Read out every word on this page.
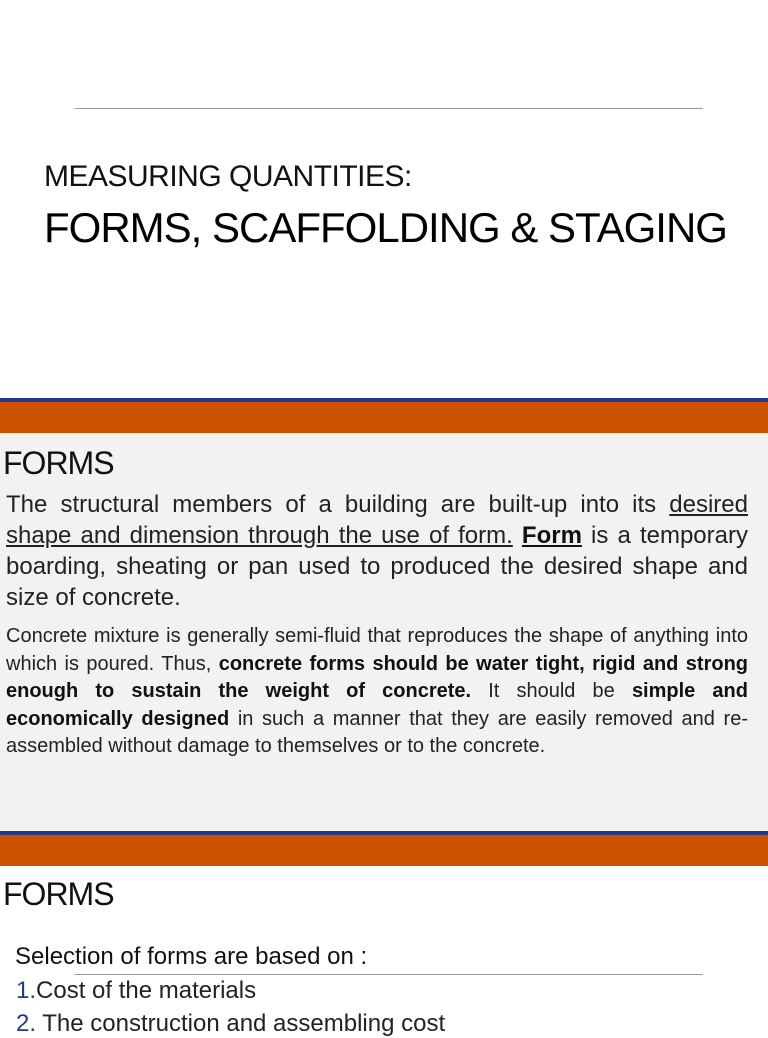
MEASURING QUANTITIES:
FORMS, SCAFFOLDING & STAGING
FORMS
The structural members of a building are built-up into its desired shape and dimension through the use of form. Form is a temporary boarding, sheating or pan used to produced the desired shape and size of concrete.
Concrete mixture is generally semi-fluid that reproduces the shape of anything into which is poured. Thus, concrete forms should be water tight, rigid and strong enough to sustain the weight of concrete. It should be simple and economically designed in such a manner that they are easily removed and re-assembled without damage to themselves or to the concrete.
FORMS
Selection of forms are based on :
1.Cost of the materials
2. The construction and assembling cost
